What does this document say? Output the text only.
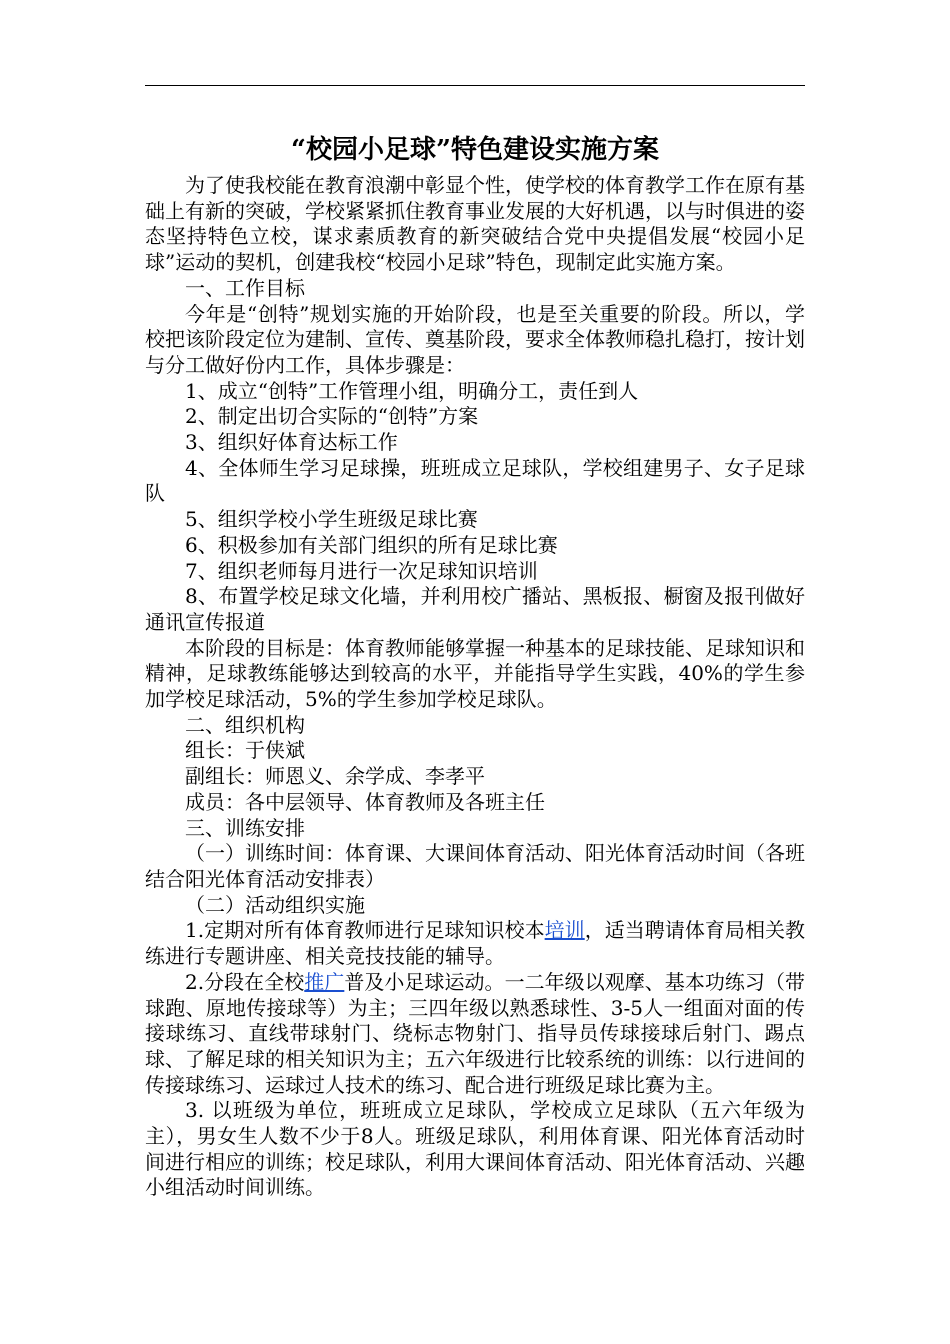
“校园小足球”特色建设实施方案

为了使我校能在教育浪潮中彰显个性，使学校的体育教学工作在原有基础上有新的突破，学校紧紧抓住教育事业发展的大好机遇，以与时俱进的姿态坚持特色立校，谋求素质教育的新突破结合党中央提倡发展“校园小足球”运动的契机，创建我校“校园小足球”特色，现制定此实施方案。

一、工作目标

今年是“创特”规划实施的开始阶段，也是至关重要的阶段。所以，学校把该阶段定位为建制、宣传、奠基阶段，要求全体教师稳扎稳打，按计划与分工做好份内工作，具体步骤是：

1、成立“创特”工作管理小组，明确分工，责任到人

2、制定出切合实际的“创特”方案

3、组织好体育达标工作

4、全体师生学习足球操，班班成立足球队，学校组建男子、女子足球队

5、组织学校小学生班级足球比赛

6、积极参加有关部门组织的所有足球比赛

7、组织老师每月进行一次足球知识培训

8、布置学校足球文化墙，并利用校广播站、黑板报、橱窗及报刊做好通讯宣传报道

本阶段的目标是：体育教师能够掌握一种基本的足球技能、足球知识和精神，足球教练能够达到较高的水平，并能指导学生实践，40%的学生参加学校足球活动，5%的学生参加学校足球队。

二、组织机构

组长：于侠斌

副组长：师恩义、余学成、李孝平

成员：各中层领导、体育教师及各班主任

三、训练安排

（一）训练时间：体育课、大课间体育活动、阳光体育活动时间（各班结合阳光体育活动安排表）

（二）活动组织实施

1.定期对所有体育教师进行足球知识校本培训，适当聘请体育局相关教练进行专题讲座、相关竞技技能的辅导。

2.分段在全校推广普及小足球运动。一二年级以观摩、基本功练习（带球跑、原地传接球等）为主；三四年级以熟悉球性、3-5人一组面对面的传接球练习、直线带球射门、绕标志物射门、指导员传球接球后射门、踢点球、了解足球的相关知识为主；五六年级进行比较系统的训练：以行进间的传接球练习、运球过人技术的练习、配合进行班级足球比赛为主。

3. 以班级为单位，班班成立足球队，学校成立足球队（五六年级为主），男女生人数不少于8人。班级足球队，利用体育课、阳光体育活动时间进行相应的训练；校足球队，利用大课间体育活动、阳光体育活动、兴趣小组活动时间训练。
